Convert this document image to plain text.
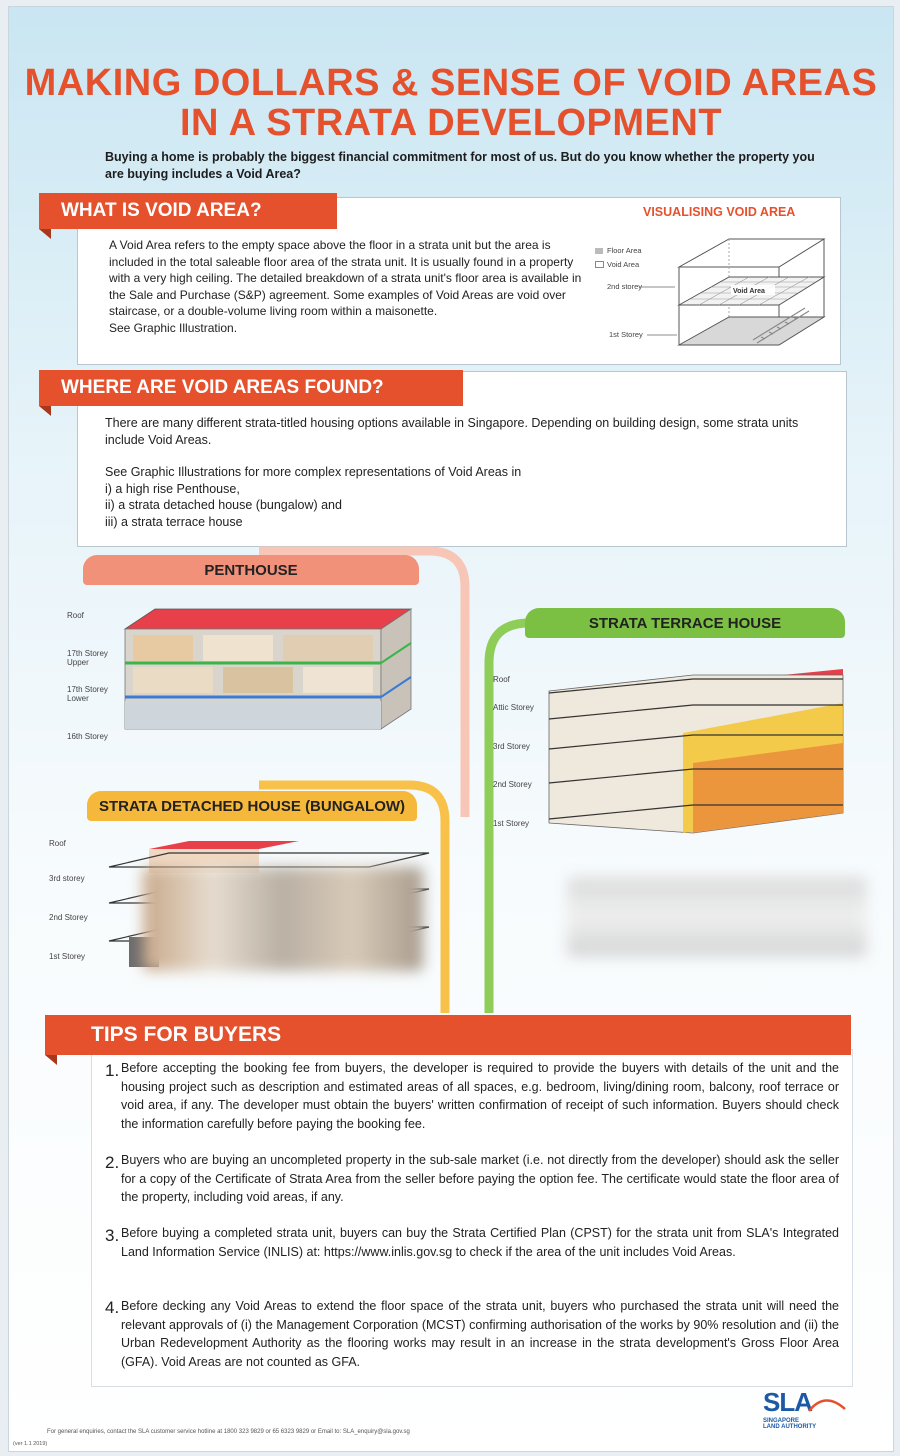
MAKING DOLLARS & SENSE OF VOID AREAS
IN A STRATA DEVELOPMENT
Buying a home is probably the biggest financial commitment for most of us. But do you know whether the property you are buying includes a Void Area?
WHAT IS VOID AREA?
A Void Area refers to the empty space above the floor in a strata unit but the area is included in the total saleable floor area of the strata unit. It is usually found in a property with a very high ceiling. The detailed breakdown of a strata unit's floor area is available in the Sale and Purchase (S&P) agreement. Some examples of Void Areas are void over staircase, or a double-volume living room within a maisonette.
See Graphic Illustration.
VISUALISING VOID AREA
Floor Area
Void Area
2nd storey
1st Storey
Void Area
WHERE ARE VOID AREAS FOUND?
There are many different strata-titled housing options available in Singapore. Depending on building design, some strata units include Void Areas.
See Graphic Illustrations for more complex representations of Void Areas in
i) a high rise Penthouse,
ii) a strata detached house (bungalow) and
iii) a strata terrace house
PENTHOUSE
Roof
17th Storey Upper
17th Storey Lower
16th Storey
STRATA TERRACE HOUSE
Roof
Attic Storey
3rd Storey
2nd Storey
1st Storey
STRATA DETACHED HOUSE (BUNGALOW)
Roof
3rd storey
2nd Storey
1st Storey
TIPS FOR BUYERS
1. Before accepting the booking fee from buyers, the developer is required to provide the buyers with details of the unit and the housing project such as description and estimated areas of all spaces, e.g. bedroom, living/dining room, balcony, roof terrace or void area, if any. The developer must obtain the buyers' written confirmation of receipt of such information. Buyers should check the information carefully before paying the booking fee.
2. Buyers who are buying an uncompleted property in the sub-sale market (i.e. not directly from the developer) should ask the seller for a copy of the Certificate of Strata Area from the seller before paying the option fee. The certificate would state the floor area of the property, including void areas, if any.
3. Before buying a completed strata unit, buyers can buy the Strata Certified Plan (CPST) for the strata unit from SLA's Integrated Land Information Service (INLIS) at: https://www.inlis.gov.sg to check if the area of the unit includes Void Areas.
4. Before decking any Void Areas to extend the floor space of the strata unit, buyers who purchased the strata unit will need the relevant approvals of (i) the Management Corporation (MCST) confirming authorisation of the works by 90% resolution and (ii) the Urban Redevelopment Authority as the flooring works may result in an increase in the strata development's Gross Floor Area (GFA). Void Areas are not counted as GFA.
For general enquiries, contact the SLA customer service hotline at 1800 323 9829 or 65 6323 9829 or Email to: SLA_enquiry@sla.gov.sg
(ver 1.1 2019)
SLA
SINGAPORE
LAND AUTHORITY
